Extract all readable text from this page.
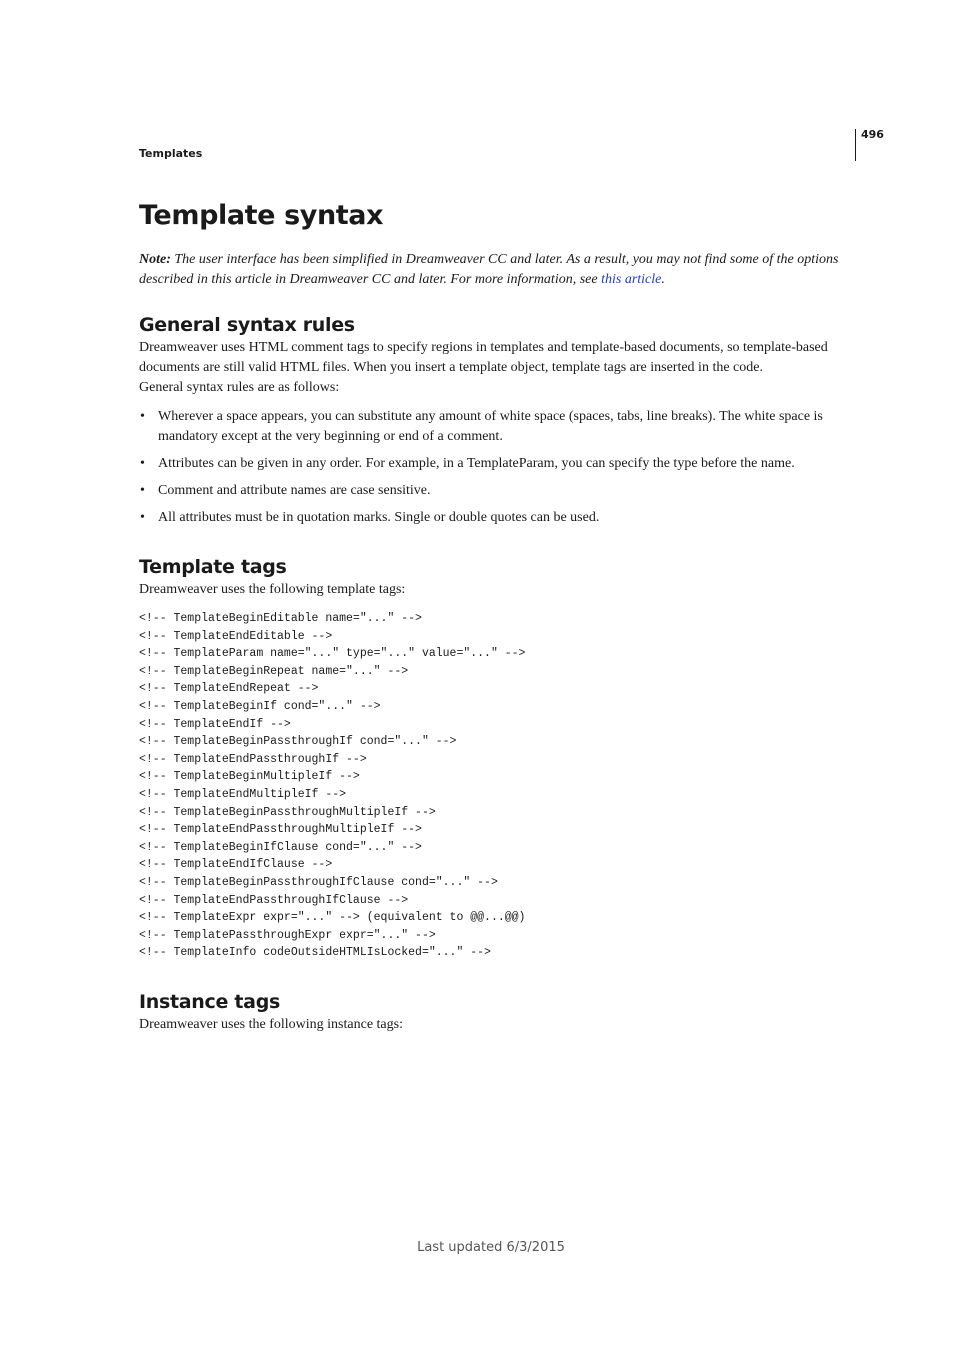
496
Templates
Template syntax

Note: The user interface has been simplified in Dreamweaver CC and later. As a result, you may not find some of the options described in this article in Dreamweaver CC and later. For more information, see this article.

General syntax rules

Dreamweaver uses HTML comment tags to specify regions in templates and template-based documents, so template-based documents are still valid HTML files. When you insert a template object, template tags are inserted in the code.

General syntax rules are as follows:

• Wherever a space appears, you can substitute any amount of white space (spaces, tabs, line breaks). The white space is mandatory except at the very beginning or end of a comment.
• Attributes can be given in any order. For example, in a TemplateParam, you can specify the type before the name.
• Comment and attribute names are case sensitive.
• All attributes must be in quotation marks. Single or double quotes can be used.
Template tags

Dreamweaver uses the following template tags:

<!-- TemplateBeginEditable name="..." -->
<!-- TemplateEndEditable -->
<!-- TemplateParam name="..." type="..." value="..." -->
<!-- TemplateBeginRepeat name="..." -->
<!-- TemplateEndRepeat -->
<!-- TemplateBeginIf cond="..." -->
<!-- TemplateEndIf -->
<!-- TemplateBeginPassthroughIf cond="..." -->
<!-- TemplateEndPassthroughIf -->
<!-- TemplateBeginMultipleIf -->
<!-- TemplateEndMultipleIf -->
<!-- TemplateBeginPassthroughMultipleIf -->
<!-- TemplateEndPassthroughMultipleIf -->
<!-- TemplateBeginIfClause cond="..." -->
<!-- TemplateEndIfClause -->
<!-- TemplateBeginPassthroughIfClause cond="..." -->
<!-- TemplateEndPassthroughIfClause -->
<!-- TemplateExpr expr="..." --> (equivalent to @@...@@)
<!-- TemplatePassthroughExpr expr="..." -->
<!-- TemplateInfo codeOutsideHTMLIsLocked="..." -->
Instance tags

Dreamweaver uses the following instance tags:

Last updated 6/3/2015
